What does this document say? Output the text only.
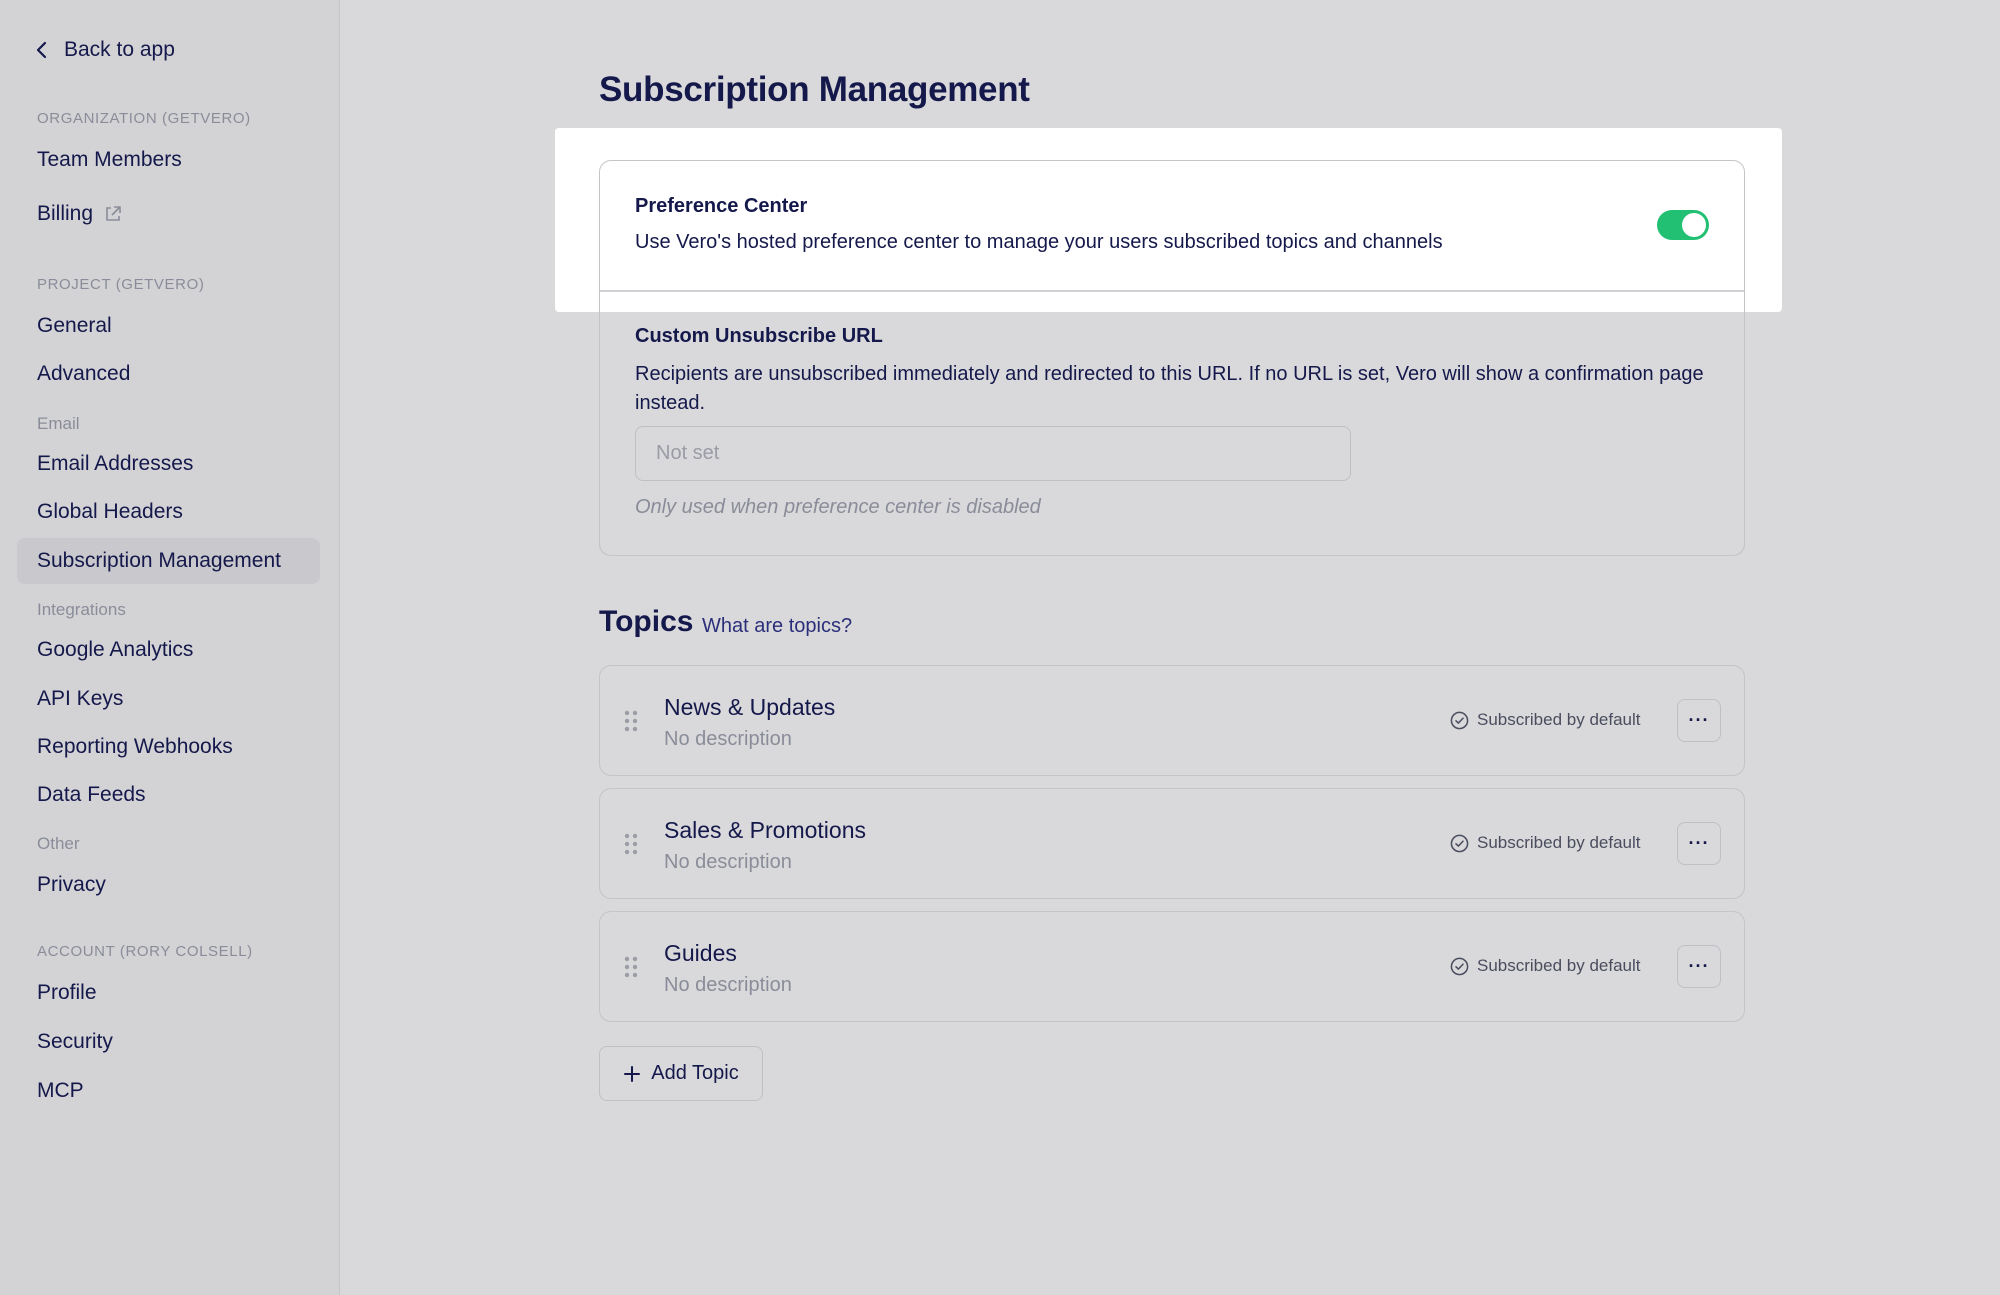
Back to app
ORGANIZATION (GETVERO)
Team Members
Billing
PROJECT (GETVERO)
General
Advanced
Email
Email Addresses
Global Headers
Subscription Management
Integrations
Google Analytics
API Keys
Reporting Webhooks
Data Feeds
Other
Privacy
ACCOUNT (RORY COLSELL)
Profile
Security
MCP
Subscription Management
Preference Center
Use Vero's hosted preference center to manage your users subscribed topics and channels
Custom Unsubscribe URL
Recipients are unsubscribed immediately and redirected to this URL. If no URL is set, Vero will show a confirmation page instead.
Not set
Only used when preference center is disabled
Topics What are topics?
News & Updates
No description
Subscribed by default	···
Sales & Promotions
No description
Subscribed by default	···
Guides
No description
Subscribed by default	···
Add Topic
